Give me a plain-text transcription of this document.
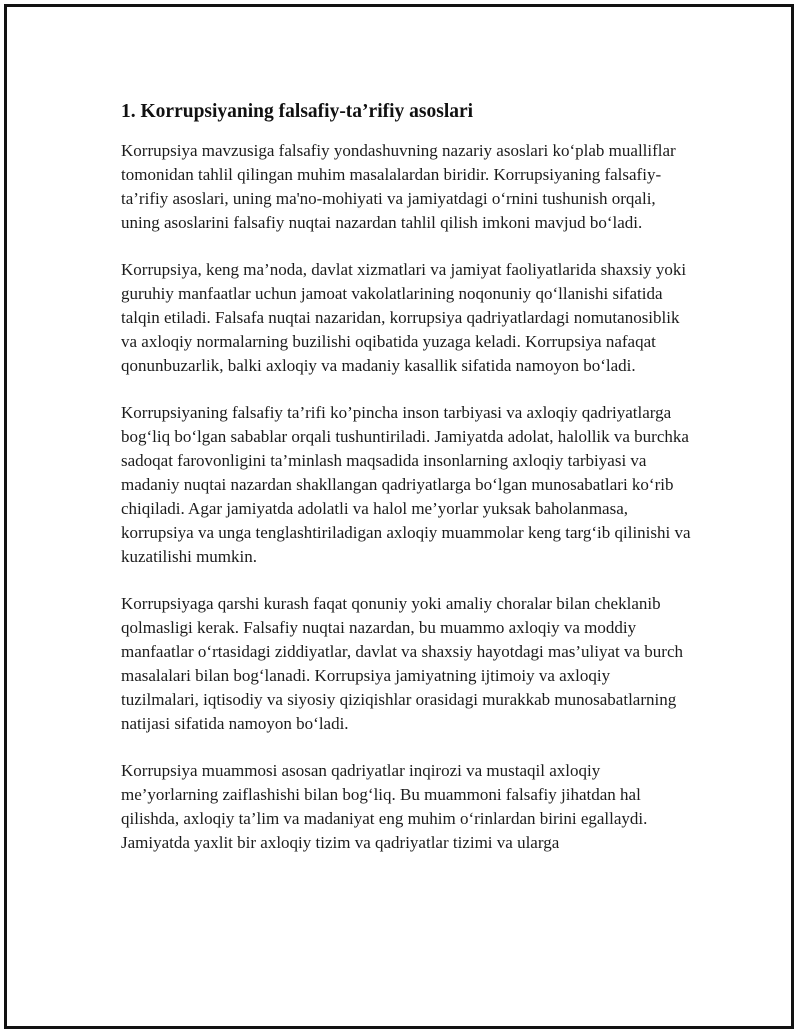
1. Korrupsiyaning falsafiy-ta’rifiy asoslari

Korrupsiya mavzusiga falsafiy yondashuvning nazariy asoslari ko‘plab mualliflar tomonidan tahlil qilingan muhim masalalardan biridir. Korrupsiyaning falsafiy-ta’rifiy asoslari, uning ma'no-mohiyati va jamiyatdagi o‘rnini tushunish orqali, uning asoslarini falsafiy nuqtai nazardan tahlil qilish imkoni mavjud bo‘ladi.

Korrupsiya, keng ma’noda, davlat xizmatlari va jamiyat faoliyatlarida shaxsiy yoki guruhiy manfaatlar uchun jamoat vakolatlarining noqonuniy qo‘llanishi sifatida talqin etiladi. Falsafa nuqtai nazaridan, korrupsiya qadriyatlardagi nomutanosiblik va axloqiy normalarning buzilishi oqibatida yuzaga keladi. Korrupsiya nafaqat qonunbuzarlik, balki axloqiy va madaniy kasallik sifatida namoyon bo‘ladi.

Korrupsiyaning falsafiy ta’rifi ko’pincha inson tarbiyasi va axloqiy qadriyatlarga bog‘liq bo‘lgan sabablar orqali tushuntiriladi. Jamiyatda adolat, halollik va burchka sadoqat farovonligini ta’minlash maqsadida insonlarning axloqiy tarbiyasi va madaniy nuqtai nazardan shakllangan qadriyatlarga bo‘lgan munosabatlari ko‘rib chiqiladi. Agar jamiyatda adolatli va halol me’yorlar yuksak baholanmasa, korrupsiya va unga tenglashtiriladigan axloqiy muammolar keng targ‘ib qilinishi va kuzatilishi mumkin.

Korrupsiyaga qarshi kurash faqat qonuniy yoki amaliy choralar bilan cheklanib qolmasligi kerak. Falsafiy nuqtai nazardan, bu muammo axloqiy va moddiy manfaatlar o‘rtasidagi ziddiyatlar, davlat va shaxsiy hayotdagi mas’uliyat va burch masalalari bilan bog‘lanadi. Korrupsiya jamiyatning ijtimoiy va axloqiy tuzilmalari, iqtisodiy va siyosiy qiziqishlar orasidagi murakkab munosabatlarning natijasi sifatida namoyon bo‘ladi.

Korrupsiya muammosi asosan qadriyatlar inqirozi va mustaqil axloqiy me’yorlarning zaiflashishi bilan bog‘liq. Bu muammoni falsafiy jihatdan hal qilishda, axloqiy ta’lim va madaniyat eng muhim o‘rinlardan birini egallaydi. Jamiyatda yaxlit bir axloqiy tizim va qadriyatlar tizimi va ularga
